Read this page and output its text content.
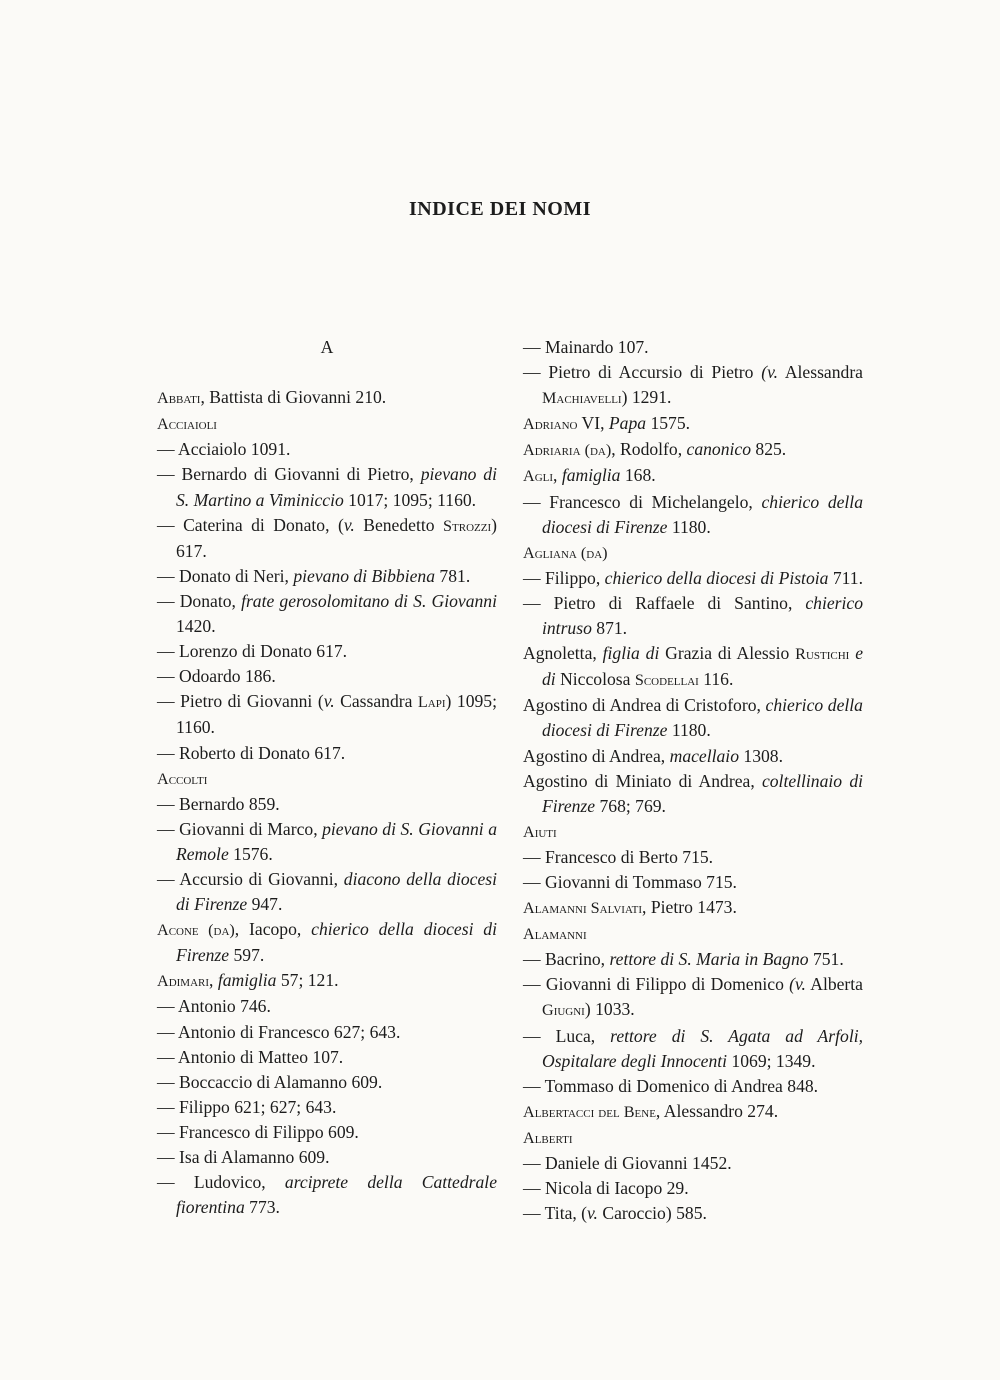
INDICE DEI NOMI
A
Abbati, Battista di Giovanni 210.
Acciaioli
— Acciaiolo 1091.
— Bernardo di Giovanni di Pietro, pievano di S. Martino a Viminiccio 1017; 1095; 1160.
— Caterina di Donato, (v. Benedetto Strozzi) 617.
— Donato di Neri, pievano di Bibbiena 781.
— Donato, frate gerosolomitano di S. Giovanni 1420.
— Lorenzo di Donato 617.
— Odoardo 186.
— Pietro di Giovanni (v. Cassandra Lapi) 1095; 1160.
— Roberto di Donato 617.
Accolti
— Bernardo 859.
— Giovanni di Marco, pievano di S. Giovanni a Remole 1576.
— Accursio di Giovanni, diacono della diocesi di Firenze 947.
Acone (da), Iacopo, chierico della diocesi di Firenze 597.
Adimari, famiglia 57; 121.
— Antonio 746.
— Antonio di Francesco 627; 643.
— Antonio di Matteo 107.
— Boccaccio di Alamanno 609.
— Filippo 621; 627; 643.
— Francesco di Filippo 609.
— Isa di Alamanno 609.
— Ludovico, arciprete della Cattedrale fiorentina 773.
— Mainardo 107.
— Pietro di Accursio di Pietro (v. Alessandra Machiavelli) 1291.
Adriano VI, Papa 1575.
Adriaria (da), Rodolfo, canonico 825.
Agli, famiglia 168.
— Francesco di Michelangelo, chierico della diocesi di Firenze 1180.
Agliana (da)
— Filippo, chierico della diocesi di Pistoia 711.
— Pietro di Raffaele di Santino, chierico intruso 871.
Agnoletta, figlia di Grazia di Alessio Rustichi e di Niccolosa Scodellai 116.
Agostino di Andrea di Cristoforo, chierico della diocesi di Firenze 1180.
Agostino di Andrea, macellaio 1308.
Agostino di Miniato di Andrea, coltellinaio di Firenze 768; 769.
Aiuti
— Francesco di Berto 715.
— Giovanni di Tommaso 715.
Alamanni Salviati, Pietro 1473.
Alamanni
— Bacrino, rettore di S. Maria in Bagno 751.
— Giovanni di Filippo di Domenico (v. Alberta Giugni) 1033.
— Luca, rettore di S. Agata ad Arfoli, Ospitalare degli Innocenti 1069; 1349.
— Tommaso di Domenico di Andrea 848.
Albertacci del Bene, Alessandro 274.
Alberti
— Daniele di Giovanni 1452.
— Nicola di Iacopo 29.
— Tita, (v. Caroccio) 585.
